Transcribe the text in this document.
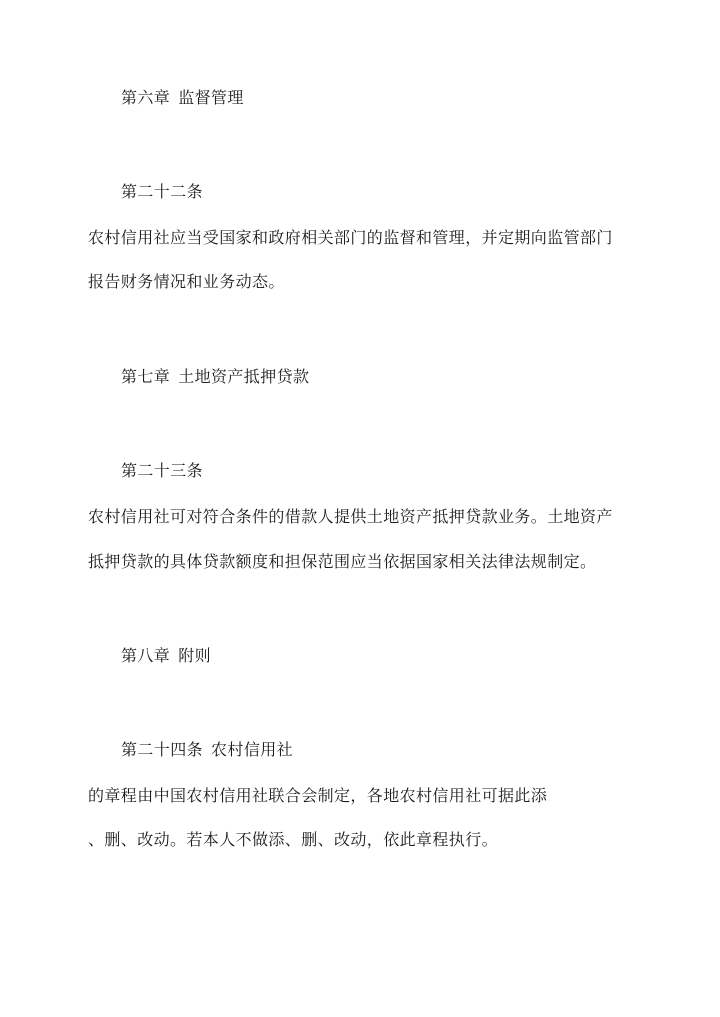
第六章 监督管理
第二十二条
农村信用社应当受国家和政府相关部门的监督和管理，并定期向监管部门
报告财务情况和业务动态。
第七章 土地资产抵押贷款
第二十三条
农村信用社可对符合条件的借款人提供土地资产抵押贷款业务。土地资产
抵押贷款的具体贷款额度和担保范围应当依据国家相关法律法规制定。
第八章 附则
第二十四条 农村信用社
的章程由中国农村信用社联合会制定，各地农村信用社可据此添
、删、改动。若本人不做添、删、改动，依此章程执行。
